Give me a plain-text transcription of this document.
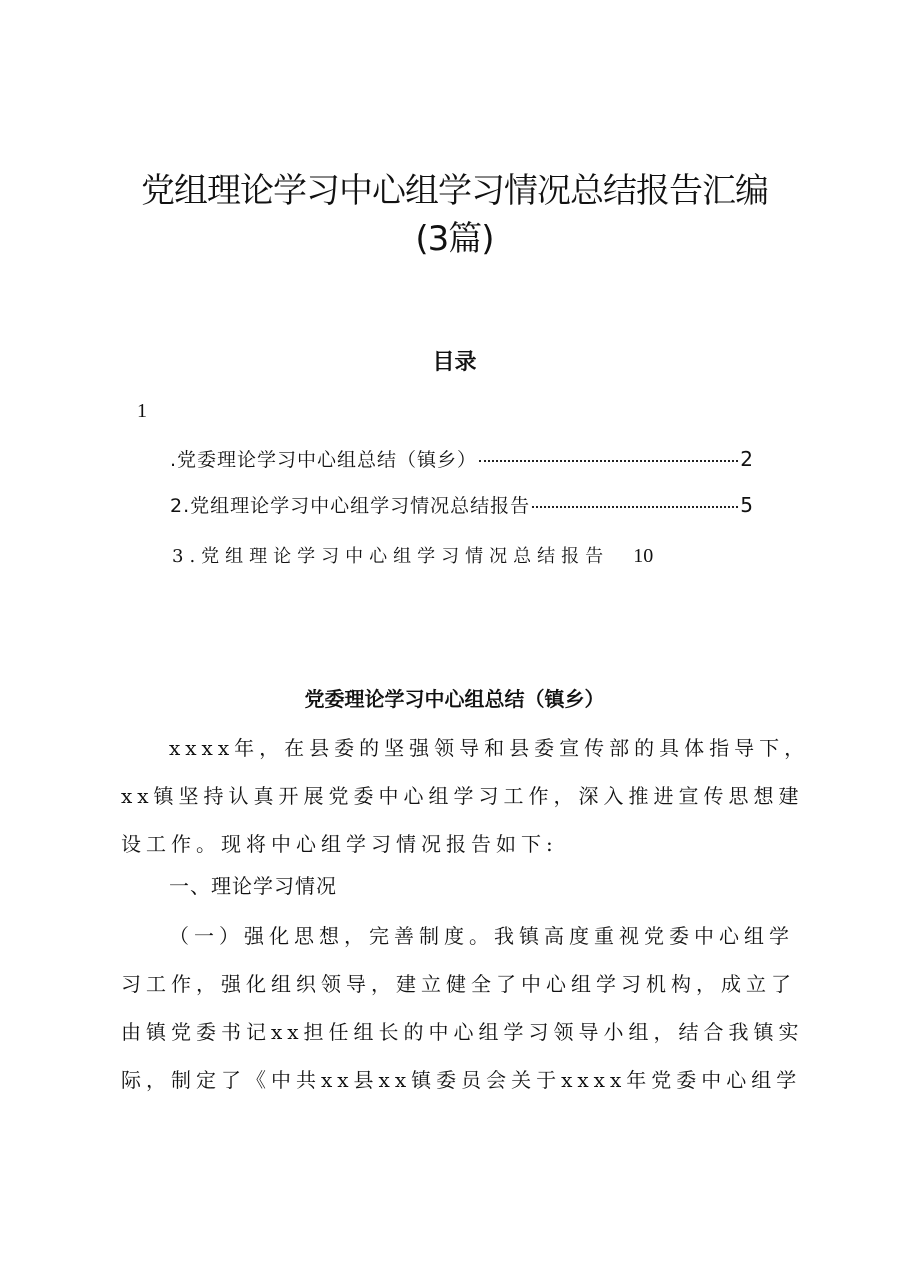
党组理论学习中心组学习情况总结报告汇编
(3篇)
目录
1
.党委理论学习中心组总结（镇乡）	2
2.党组理论学习中心组学习情况总结报告	5
3.党组理论学习中心组学习情况总结报告 10
党委理论学习中心组总结（镇乡）
xxxx年，在县委的坚强领导和县委宣传部的具体指导下，
xx镇坚持认真开展党委中心组学习工作，深入推进宣传思想建
设工作。现将中心组学习情况报告如下:
一、理论学习情况
（一）强化思想，完善制度。我镇高度重视党委中心组学
习工作，强化组织领导，建立健全了中心组学习机构，成立了
由镇党委书记xx担任组长的中心组学习领导小组，结合我镇实
际，制定了《中共xx县xx镇委员会关于xxxx年党委中心组学
